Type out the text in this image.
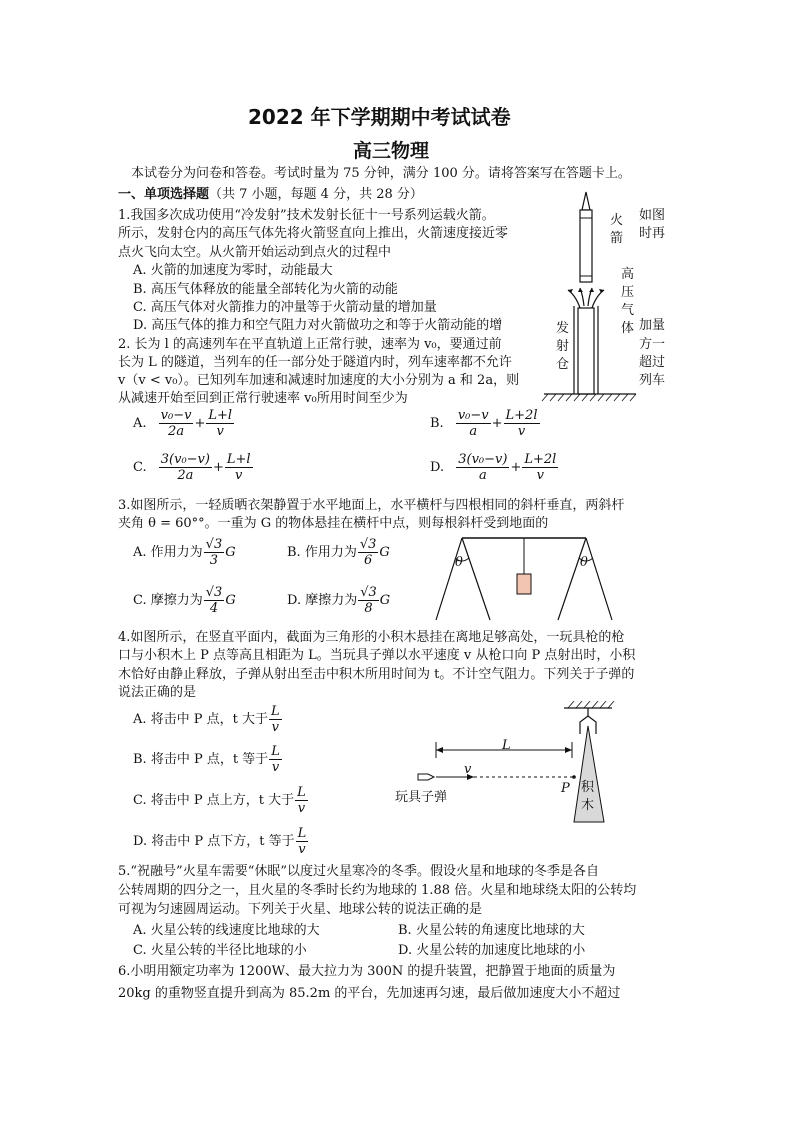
2022 年下学期期中考试试卷
高三物理
本试卷分为问卷和答卷。考试时量为 75 分钟，满分 100 分。请将答案写在答题卡上。
一、单项选择题（共 7 小题，每题 4 分，共 28 分）
1.我国多次成功使用“冷发射”技术发射长征十一号系列运载火箭。	如图
所示，发射仓内的高压气体先将火箭竖直向上推出，火箭速度接近零	时再
点火飞向太空。从火箭开始运动到点火的过程中
A. 火箭的加速度为零时，动能最大
B. 高压气体释放的能量全部转化为火箭的动能
C. 高压气体对火箭推力的冲量等于火箭动量的增加量
D. 高压气体的推力和空气阻力对火箭做功之和等于火箭动能的增	加量
火箭
高压气体
发射仓
2. 长为 l 的高速列车在平直轨道上正常行驶，速率为 v₀，要通过前	方一
长为 L 的隧道，当列车的任一部分处于隧道内时，列车速率都不允许	超过
v（v < v₀）。已知列车加速和减速时加速度的大小分别为 a 和 2a，则	列车
从减速开始至回到正常行驶速率 v₀所用时间至少为
A. $\frac{\text{v₀−v}}{2a} + \frac{L+l}{v}$	B. $\frac{\text{v₀−v}}{a} + \frac{L+2l}{v}$
C. $\frac{\text{3(v₀−v)}}{2a} + \frac{L+l}{v}$	D. $\frac{\text{3(v₀−v)}}{a} + \frac{L+2l}{v}$
3.如图所示，一轻质晒衣架静置于水平地面上，水平横杆与四根相同的斜杆垂直，两斜杆
夹角 θ = 60°°。一重为 G 的物体悬挂在横杆中点，则每根斜杆受到地面的
A. 作用力为 $\frac{√3}{3}$ G	B. 作用力为 $\frac{√3}{6}$ G
C. 摩擦力为 $\frac{√3}{4}$ G	D. 摩擦力为 $\frac{√3}{8}$ G
θ	θ
4.如图所示，在竖直平面内，截面为三角形的小积木悬挂在离地足够高处，一玩具枪的枪
口与小积木上 P 点等高且相距为 L。当玩具子弹以水平速度 v 从枪口向 P 点射出时，小积
木恰好由静止释放，子弹从射出至击中积木所用时间为 t。不计空气阻力。下列关于子弹的
说法正确的是
A. 将击中 P 点，t 大于 $\frac{L}{v}$
B. 将击中 P 点，t 等于 $\frac{L}{v}$
C. 将击中 P 点上方，t 大于 $\frac{L}{v}$
D. 将击中 P 点下方，t 等于 $\frac{L}{v}$
L
v
P 积木
玩具子弹
5.“祝融号”火星车需要“休眠”以度过火星寒冷的冬季。假设火星和地球的冬季是各自
公转周期的四分之一，且火星的冬季时长约为地球的 1.88 倍。火星和地球绕太阳的公转均
可视为匀速圆周运动。下列关于火星、地球公转的说法正确的是
A. 火星公转的线速度比地球的大	B. 火星公转的角速度比地球的大
C. 火星公转的半径比地球的小	D. 火星公转的加速度比地球的小
6.小明用额定功率为 1200W、最大拉力为 300N 的提升装置，把静置于地面的质量为
20kg 的重物竖直提升到高为 85.2m 的平台，先加速再匀速，最后做加速度大小不超过
